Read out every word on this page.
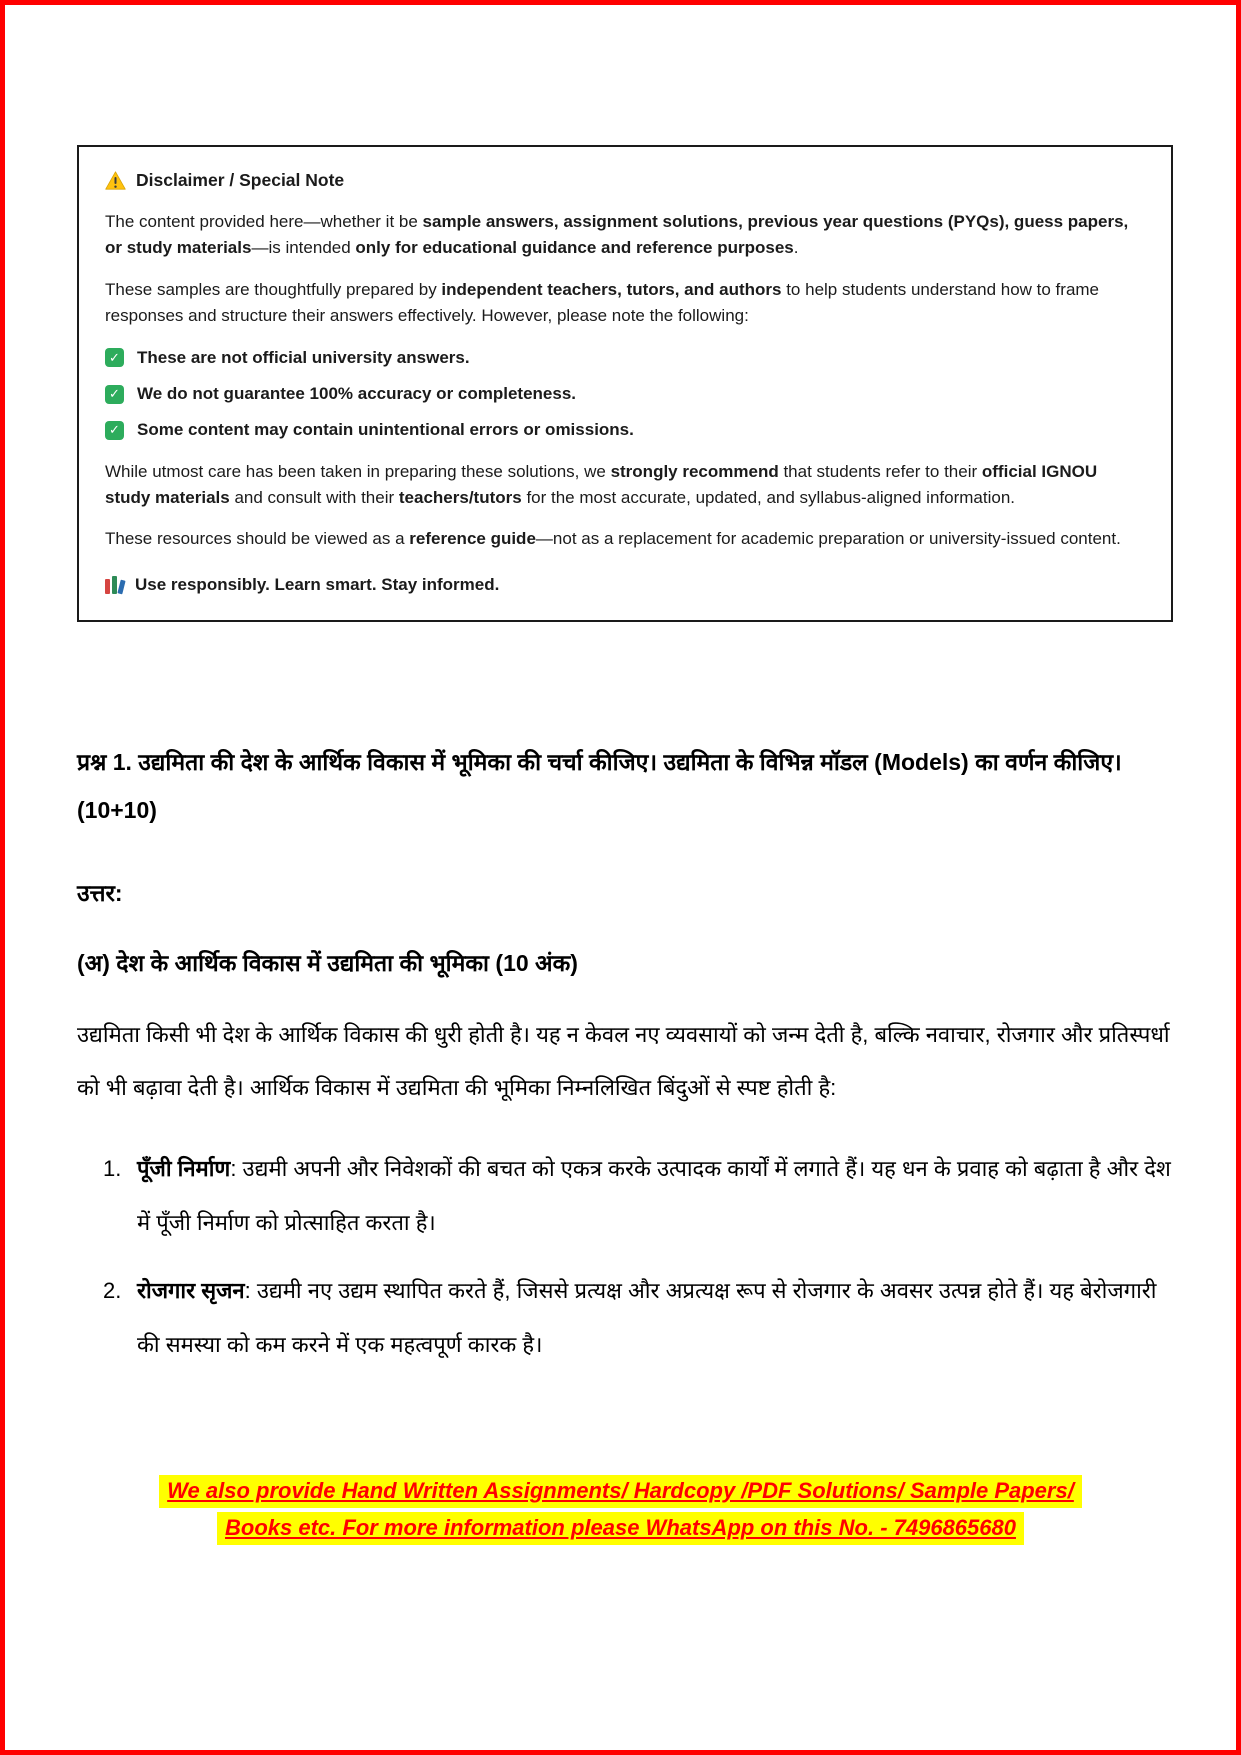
Disclaimer / Special Note

The content provided here—whether it be sample answers, assignment solutions, previous year questions (PYQs), guess papers, or study materials—is intended only for educational guidance and reference purposes.

These samples are thoughtfully prepared by independent teachers, tutors, and authors to help students understand how to frame responses and structure their answers effectively. However, please note the following:

✓ These are not official university answers.
✓ We do not guarantee 100% accuracy or completeness.
✓ Some content may contain unintentional errors or omissions.

While utmost care has been taken in preparing these solutions, we strongly recommend that students refer to their official IGNOU study materials and consult with their teachers/tutors for the most accurate, updated, and syllabus-aligned information.

These resources should be viewed as a reference guide—not as a replacement for academic preparation or university-issued content.

Use responsibly. Learn smart. Stay informed.

प्रश्न 1. उद्यमिता की देश के आर्थिक विकास में भूमिका की चर्चा कीजिए। उद्यमिता के विभिन्न मॉडल (Models) का वर्णन कीजिए। (10+10)

उत्तर:

(अ) देश के आर्थिक विकास में उद्यमिता की भूमिका (10 अंक)

उद्यमिता किसी भी देश के आर्थिक विकास की धुरी होती है। यह न केवल नए व्यवसायों को जन्म देती है, बल्कि नवाचार, रोजगार और प्रतिस्पर्धा को भी बढ़ावा देती है। आर्थिक विकास में उद्यमिता की भूमिका निम्नलिखित बिंदुओं से स्पष्ट होती है:

1. पूँजी निर्माण: उद्यमी अपनी और निवेशकों की बचत को एकत्र करके उत्पादक कार्यों में लगाते हैं। यह धन के प्रवाह को बढ़ाता है और देश में पूँजी निर्माण को प्रोत्साहित करता है।
2. रोजगार सृजन: उद्यमी नए उद्यम स्थापित करते हैं, जिससे प्रत्यक्ष और अप्रत्यक्ष रूप से रोजगार के अवसर उत्पन्न होते हैं। यह बेरोजगारी की समस्या को कम करने में एक महत्वपूर्ण कारक है।
We also provide Hand Written Assignments/ Hardcopy /PDF Solutions/ Sample Papers/
Books etc. For more information please WhatsApp on this No. - 7496865680
